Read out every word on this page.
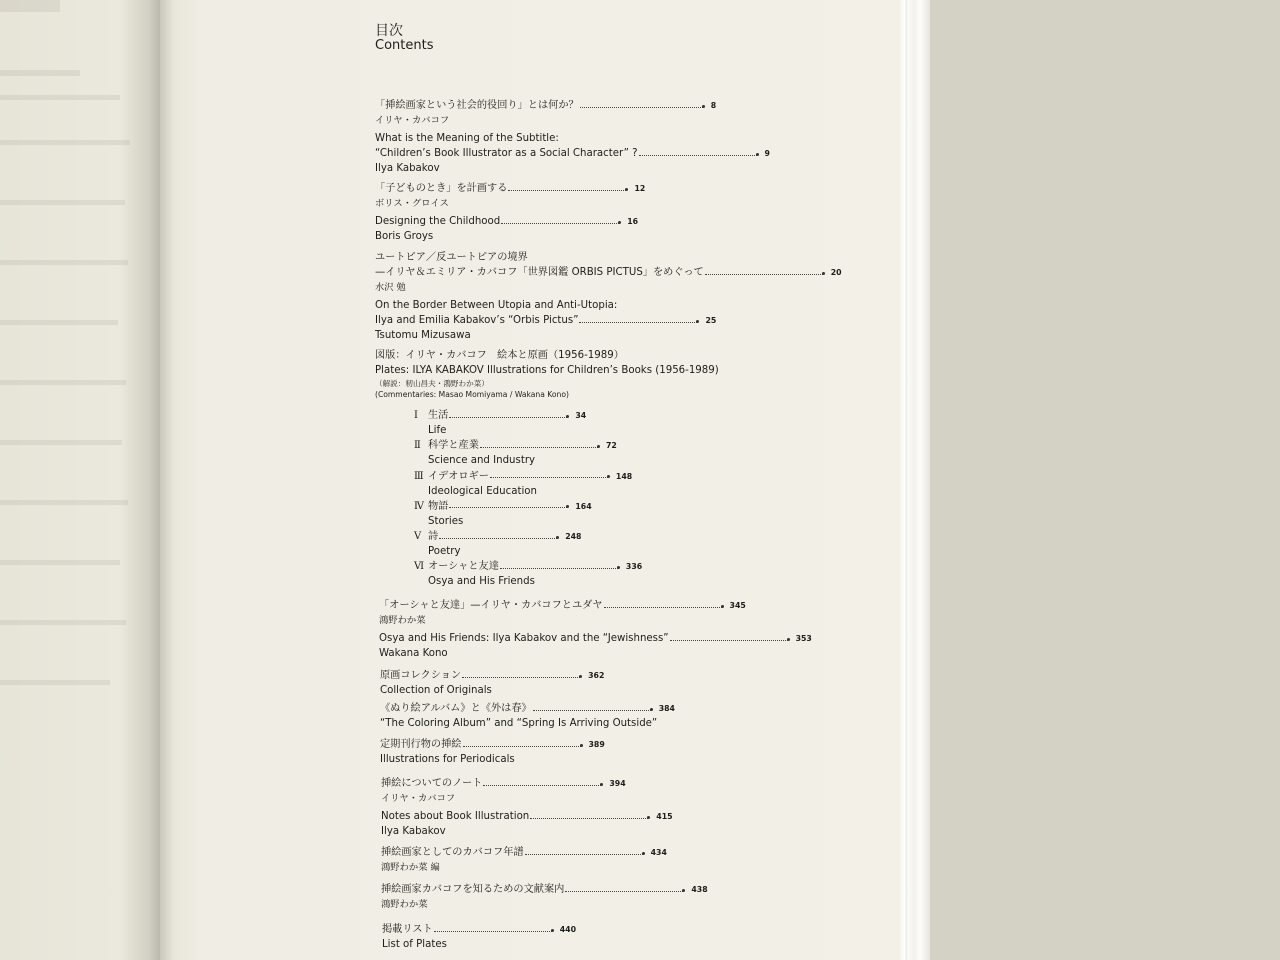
目次
Contents
「挿絵画家という社会的役回り」とは何か？	8
イリヤ・カバコフ
What is the Meaning of the Subtitle:
“Children’s Book Illustrator as a Social Character” ?	9
Ilya Kabakov
「子どものとき」を計画する	12
ボリス・グロイス
Designing the Childhood	16
Boris Groys
ユートピア／反ユートピアの境界
—イリヤ＆エミリア・カバコフ「世界図鑑 ORBIS PICTUS」をめぐって	20
水沢 勉
On the Border Between Utopia and Anti-Utopia:
Ilya and Emilia Kabakov’s “Orbis Pictus”	25
Tsutomu Mizusawa
図版：イリヤ・カバコフ　絵本と原画（1956-1989）
Plates: ILYA KABAKOV Illustrations for Children’s Books (1956-1989)
（解説：籾山昌夫・鴻野わか菜）
(Commentaries: Masao Momiyama / Wakana Kono)
Ⅰ 生活	34
Life
Ⅱ 科学と産業	72
Science and Industry
Ⅲ イデオロギー	148
Ideological Education
Ⅳ 物語	164
Stories
Ⅴ 詩	248
Poetry
Ⅵ オーシャと友達	336
Osya and His Friends
「オーシャと友達」—イリヤ・カバコフとユダヤ	345
鴻野わか菜
Osya and His Friends: Ilya Kabakov and the “Jewishness”	353
Wakana Kono
原画コレクション	362
Collection of Originals
《ぬり絵アルバム》と《外は春》	384
“The Coloring Album” and “Spring Is Arriving Outside”
定期刊行物の挿絵	389
Illustrations for Periodicals
挿絵についてのノート	394
イリヤ・カバコフ
Notes about Book Illustration	415
Ilya Kabakov
挿絵画家としてのカバコフ年譜	434
鴻野わか菜 編
挿絵画家カバコフを知るための文献案内	438
鴻野わか菜
掲載リスト	440
List of Plates
